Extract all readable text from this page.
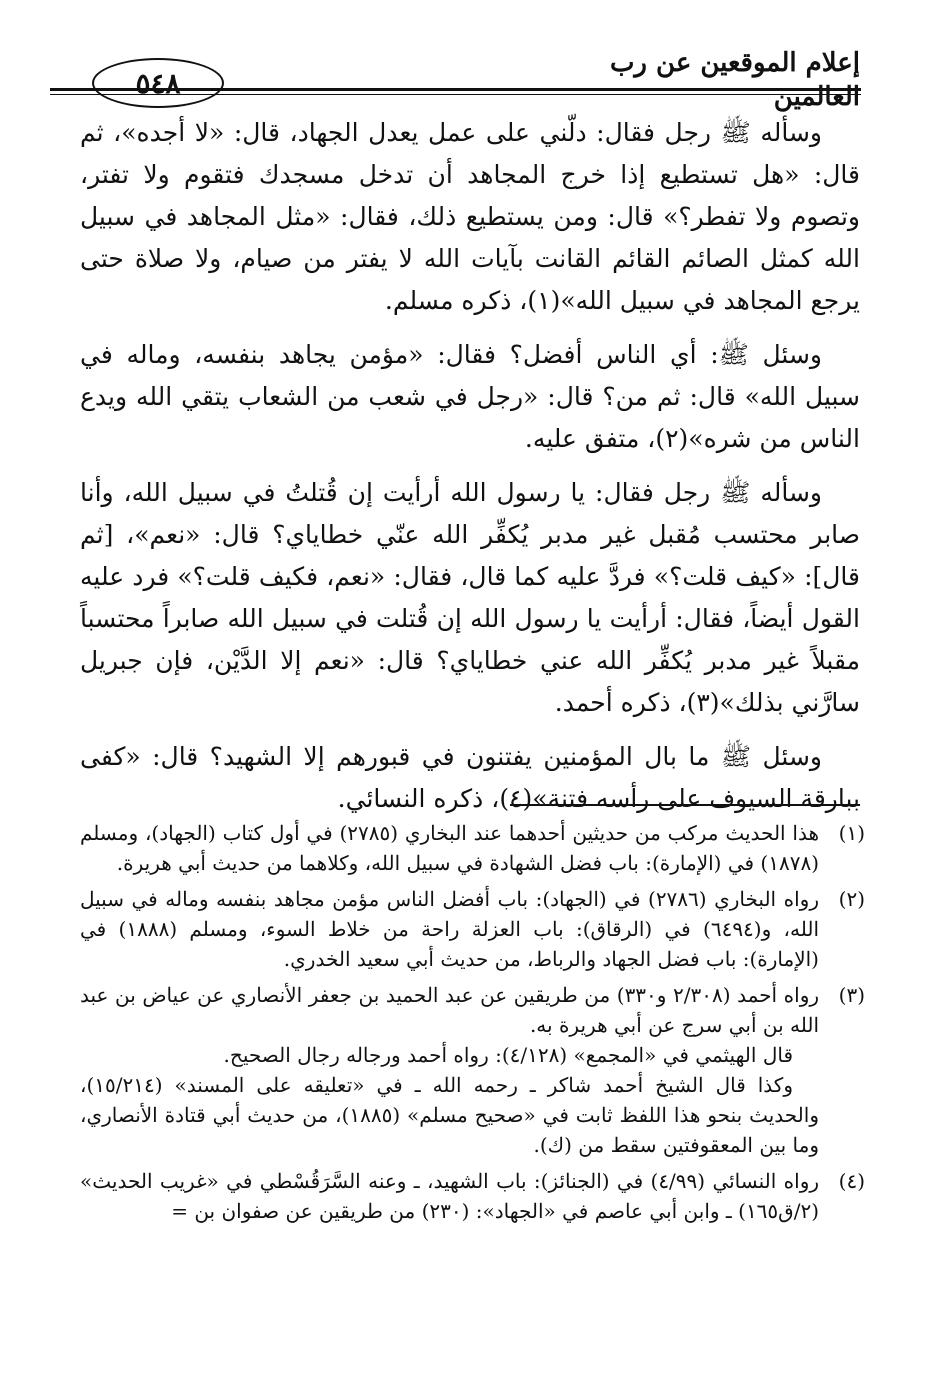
٥٤٨
إعلام الموقعين عن رب العالمين

وسأله ﷺ رجل فقال: دلّني على عمل يعدل الجهاد، قال: «لا أجده»، ثم قال: «هل تستطيع إذا خرج المجاهد أن تدخل مسجدك فتقوم ولا تفتر، وتصوم ولا تفطر؟» قال: ومن يستطيع ذلك، فقال: «مثل المجاهد في سبيل الله كمثل الصائم القائم القانت بآيات الله لا يفتر من صيام، ولا صلاة حتى يرجع المجاهد في سبيل الله»(١)، ذكره مسلم.

وسئل ﷺ: أي الناس أفضل؟ فقال: «مؤمن يجاهد بنفسه، وماله في سبيل الله» قال: ثم من؟ قال: «رجل في شعب من الشعاب يتقي الله ويدع الناس من شره»(٢)، متفق عليه.

وسأله ﷺ رجل فقال: يا رسول الله أرأيت إن قُتلتُ في سبيل الله، وأنا صابر محتسب مُقبل غير مدبر يُكفِّر الله عنّي خطاياي؟ قال: «نعم»، [ثم قال]: «كيف قلت؟» فردَّ عليه كما قال، فقال: «نعم، فكيف قلت؟» فرد عليه القول أيضاً، فقال: أرأيت يا رسول الله إن قُتلت في سبيل الله صابراً محتسباً مقبلاً غير مدبر يُكفِّر الله عني خطاياي؟ قال: «نعم إلا الدَّيْن، فإن جبريل سارَّني بذلك»(٣)، ذكره أحمد.

وسئل ﷺ ما بال المؤمنين يفتنون في قبورهم إلا الشهيد؟ قال: «كفى ببارقة السيوف على رأسه فتنة»(٤)، ذكره النسائي.

(١)

هذا الحديث مركب من حديثين أحدهما عند البخاري (٢٧٨٥) في أول كتاب (الجهاد)، ومسلم (١٨٧٨) في (الإمارة): باب فضل الشهادة في سبيل الله، وكلاهما من حديث أبي هريرة.

(٢)

رواه البخاري (٢٧٨٦) في (الجهاد): باب أفضل الناس مؤمن مجاهد بنفسه وماله في سبيل الله، و(٦٤٩٤) في (الرقاق): باب العزلة راحة من خلاط السوء، ومسلم (١٨٨٨) في (الإمارة): باب فضل الجهاد والرباط، من حديث أبي سعيد الخدري.

(٣)

رواه أحمد (٢/٣٠٨ و٣٣٠) من طريقين عن عبد الحميد بن جعفر الأنصاري عن عياض بن عبد الله بن أبي سرج عن أبي هريرة به.

قال الهيثمي في «المجمع» (٤/١٢٨): رواه أحمد ورجاله رجال الصحيح.

وكذا قال الشيخ أحمد شاكر ـ رحمه الله ـ في «تعليقه على المسند» (١٥/٢١٤)، والحديث بنحو هذا اللفظ ثابت في «صحيح مسلم» (١٨٨٥)، من حديث أبي قتادة الأنصاري، وما بين المعقوفتين سقط من (ك).

(٤)

رواه النسائي (٤/٩٩) في (الجنائز): باب الشهيد، ـ وعنه السَّرَقُسْطي في «غريب الحديث» (٢/ق١٦٥) ـ وابن أبي عاصم في «الجهاد»: (٢٣٠) من طريقين عن صفوان بن =
